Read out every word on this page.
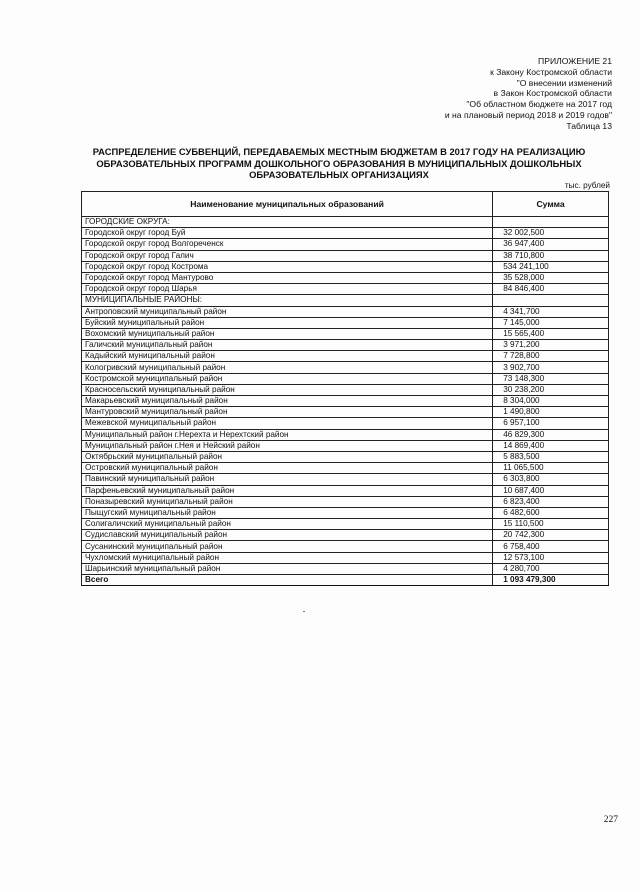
ПРИЛОЖЕНИЕ 21
к Закону Костромской области
"О внесении изменений
в Закон Костромской области
"Об областном бюджете на 2017 год
и на плановый период 2018 и 2019 годов"
Таблица 13
РАСПРЕДЕЛЕНИЕ СУБВЕНЦИЙ, ПЕРЕДАВАЕМЫХ МЕСТНЫМ БЮДЖЕТАМ В 2017 ГОДУ НА РЕАЛИЗАЦИЮ
ОБРАЗОВАТЕЛЬНЫХ ПРОГРАММ ДОШКОЛЬНОГО ОБРАЗОВАНИЯ В МУНИЦИПАЛЬНЫХ ДОШКОЛЬНЫХ
ОБРАЗОВАТЕЛЬНЫХ ОРГАНИЗАЦИЯХ
тыс. рублей
Наименование муниципальных образований	Сумма
ГОРОДСКИЕ ОКРУГА:	
Городской округ город Буй	32 002,500
Городской округ город Волгореченск	36 947,400
Городской округ город Галич	38 710,800
Городской округ город Кострома	534 241,100
Городской округ город Мантурово	35 528,000
Городской округ город Шарья	84 846,400
МУНИЦИПАЛЬНЫЕ РАЙОНЫ:	
Антроповский муниципальный район	4 341,700
Буйский муниципальный район	7 145,000
Вохомский муниципальный район	15 565,400
Галичский муниципальный район	3 971,200
Кадыйский муниципальный район	7 728,800
Кологривский муниципальный район	3 902,700
Костромской муниципальный район	73 148,300
Красносельский муниципальный район	30 238,200
Макарьевский муниципальный район	8 304,000
Мантуровский муниципальный район	1 490,800
Межевской муниципальный район	6 957,100
Муниципальный район г.Нерехта и Нерехтский район	46 829,300
Муниципальный район г.Нея и Нейский район	14 869,400
Октябрьский муниципальный район	5 883,500
Островский муниципальный район	11 065,500
Павинский муниципальный район	6 303,800
Парфеньевский муниципальный район	10 687,400
Поназыревский муниципальный район	6 823,400
Пыщугский муниципальный район	6 482,600
Солигаличский муниципальный район	15 110,500
Судиславский муниципальный район	20 742,300
Сусанинский муниципальный район	6 758,400
Чухломский муниципальный район	12 573,100
Шарьинский муниципальный район	4 280,700
Всего	1 093 479,300
227
